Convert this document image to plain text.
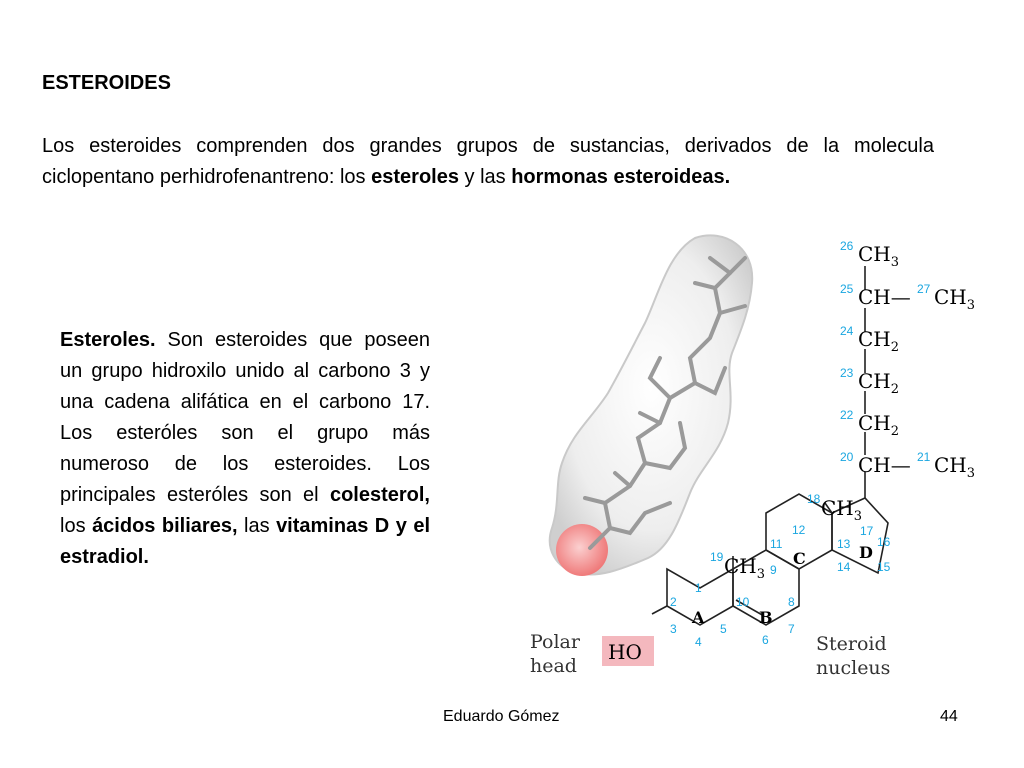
ESTEROIDES

Los esteroides comprenden dos grandes grupos de sustancias, derivados de la molecula ciclopentano perhidrofenantreno: los esteroles y las hormonas esteroideas.

Esteroles. Son esteroides que poseen un grupo hidroxilo unido al carbono 3 y una cadena alifática en el carbono 17. Los esteróles son el grupo más numeroso de los esteroides. Los principales esteróles son el colesterol, los ácidos biliares, las vitaminas D y el estradiol.

HO
Polar
head
Steroid
nucleus
A	B
C	D
1
2
3
4
5
6
7
8
9
10
11
12
13
14 15
16
17
19 $CH_3$
18 $CH_3$
26 $CH_3$
25 CH— 27 $CH_3$
24 $CH_2$
23 $CH_2$
22 $CH_2$
20 CH— 21 $CH_3$
Eduardo Gómez	44
